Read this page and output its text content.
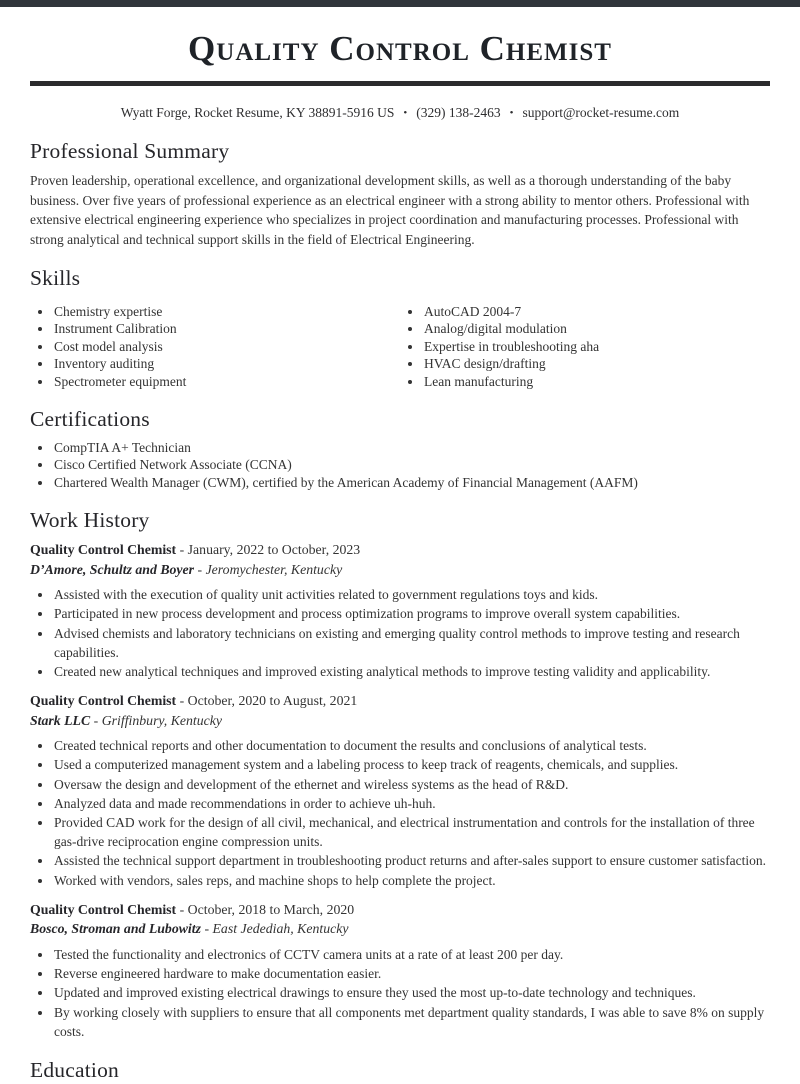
Quality Control Chemist
Wyatt Forge, Rocket Resume, KY 38891-5916 US • (329) 138-2463 • support@rocket-resume.com
Professional Summary

Proven leadership, operational excellence, and organizational development skills, as well as a thorough understanding of the baby business. Over five years of professional experience as an electrical engineer with a strong ability to mentor others. Professional with extensive electrical engineering experience who specializes in project coordination and manufacturing processes. Professional with strong analytical and technical support skills in the field of Electrical Engineering.

Skills
• Chemistry expertise
• Instrument Calibration
• Cost model analysis
• Inventory auditing
• Spectrometer equipment
• AutoCAD 2004-7
• Analog/digital modulation
• Expertise in troubleshooting aha
• HVAC design/drafting
• Lean manufacturing
Certifications
• CompTIA A+ Technician
• Cisco Certified Network Associate (CCNA)
• Chartered Wealth Manager (CWM), certified by the American Academy of Financial Management (AAFM)
Work History

Quality Control Chemist - January, 2022 to October, 2023

D’Amore, Schultz and Boyer - Jeromychester, Kentucky

• Assisted with the execution of quality unit activities related to government regulations toys and kids.
• Participated in new process development and process optimization programs to improve overall system capabilities.
• Advised chemists and laboratory technicians on existing and emerging quality control methods to improve testing and research capabilities.
• Created new analytical techniques and improved existing analytical methods to improve testing validity and applicability.

Quality Control Chemist - October, 2020 to August, 2021

Stark LLC - Griffinbury, Kentucky

• Created technical reports and other documentation to document the results and conclusions of analytical tests.
• Used a computerized management system and a labeling process to keep track of reagents, chemicals, and supplies.
• Oversaw the design and development of the ethernet and wireless systems as the head of R&D.
• Analyzed data and made recommendations in order to achieve uh-huh.
• Provided CAD work for the design of all civil, mechanical, and electrical instrumentation and controls for the installation of three gas-drive reciprocation engine compression units.
• Assisted the technical support department in troubleshooting product returns and after-sales support to ensure customer satisfaction.
• Worked with vendors, sales reps, and machine shops to help complete the project.

Quality Control Chemist - October, 2018 to March, 2020

Bosco, Stroman and Lubowitz - East Jedediah, Kentucky

• Tested the functionality and electronics of CCTV camera units at a rate of at least 200 per day.
• Reverse engineered hardware to make documentation easier.
• Updated and improved existing electrical drawings to ensure they used the most up-to-date technology and techniques.
• By working closely with suppliers to ensure that all components met department quality standards, I was able to save 8% on supply costs.
Education
